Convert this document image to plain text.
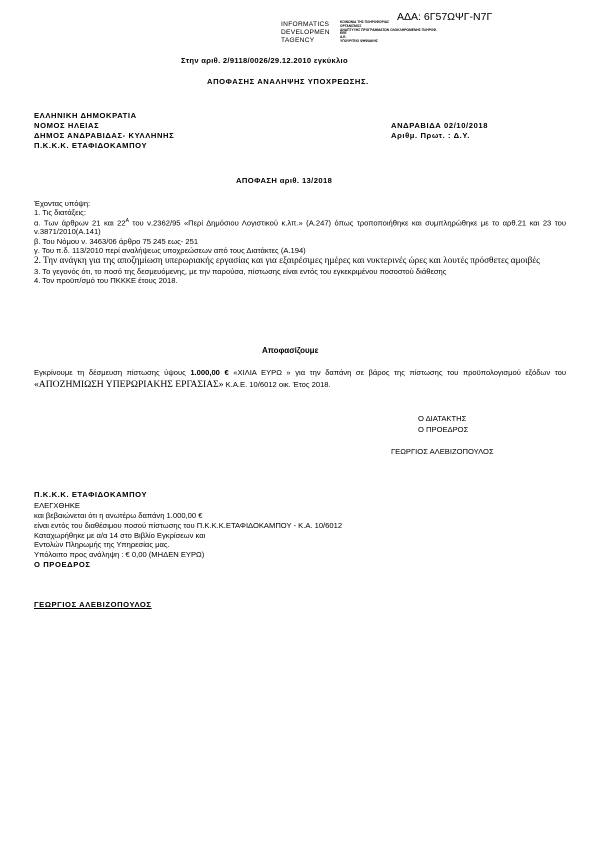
ΑΔΑ: 6Γ57ΩΨΓ-Ν7Γ
INFORMATICS
DEVELOPMEN
TAGENCY
ΚΟΙΝΩΝΙΑ ΤΗΣ ΠΛΗΡΟΦΟΡΙΑΣ
ΟΡΓΑΝΙΣΜΟΣ
ΑΝΑΠΤΥΞΗΣ ΠΡΟΓΡΑΜΜΑΤΩΝ ΟΛΟΚΛΗΡΩΜΕΝΗΣ ΠΛΗΡΟΦ.
ΕΕΕ
Α.Ε.
ΥΠΟΥΡΓΕΙΟ ΨΗΦΙΑΚΗΣ
Στην αριθ. 2/9118/0026/29.12.2010 εγκύκλιο
ΑΠΟΦΑΣΗΣ ΑΝΑΛΗΨΗΣ ΥΠΟΧΡΕΩΣΗΣ.
ΕΛΛΗΝΙΚΗ ΔΗΜΟΚΡΑΤΙΑ
ΝΟΜΟΣ ΗΛΕΙΑΣ
ΔΗΜΟΣ ΑΝΔΡΑΒΙΔΑΣ- ΚΥΛΛΗΝΗΣ
Π.Κ.Κ.Κ. ΕΤΑΦΙΔΟΚΑΜΠΟΥ
ΑΝΔΡΑΒΙΔΑ 02/10/2018
Αριθμ. Πρωτ. : Δ.Υ.
ΑΠΟΦΑΣΗ αριθ. 13/2018
Έχοντας υπόψη:
1. Τις διατάξεις:
α. Των άρθρων 21 και $22^A$ του ν.2362/95 «Περί Δημόσιου Λογιστικού κ.λπ.» (Α.247) όπως τροποποιήθηκε και συμπληρώθηκε με το αρθ.21 και 23 του ν.3871/2010(Α.141)
β. Του Νόμου ν. 3463/06 άρθρο 75 245 εως- 251
γ. Του π.δ. 113/2010 περί αναλήψεως υποχρεώσεων από τους Διατάκτες (Α.194)
2. Την ανάγκη για της αποζημίωση υπερωριακής εργασίας και για εξαιρέσιμες ημέρες και νυκτερινές ώρες και λουτές πρόσθετες αμοιβές
3. Το γεγονός ότι, το ποσό της δεσμευόμενης, με την παρούσα, πίστωσης είναι εντός του εγκεκριμένου ποσοστού διάθεσης
4. Τον προϋπ/σμό του ΠΚΚΚΕ έτους 2018.
Αποφασίζουμε
Εγκρίνουμε τη δέσμευση πίστωσης ύψους 1.000,00 € «ΧΙΛΙΑ ΕΥΡΩ » για την δαπάνη σε βάρος της πίστωσης του προϋπολογισμού εξόδων του «ΑΠΟΖΗΜΙΩΣΗ ΥΠΕΡΩΡΙΑΚΗΣ ΕΡΓΑΣΙΑΣ» Κ.Α.Ε. 10/6012 οικ. Έτος 2018.
Ο ΔΙΑΤΑΚΤΗΣ
Ο ΠΡΟΕΔΡΟΣ
ΓΕΩΡΓΙΟΣ ΑΛΕΒΙΖΟΠΟΥΛΟΣ
Π.Κ.Κ.Κ. ΕΤΑΦΙΔΟΚΑΜΠΟΥ
ΕΛΕΓΧΘΗΚΕ
και βεβαιώνεται ότι η ανωτέρω δαπάνη 1.000,00 €
είναι εντός του διαθέσιμου ποσού πίστωσης του Π.Κ.Κ.Κ.ΕΤΑΦΙΔΟΚΑΜΠΟΥ - Κ.Α. 10/6012
Καταχωρήθηκε με α/α 14 στο Βιβλίο Εγκρίσεων και
Εντολών Πληρωμής της Υπηρεσίας μας.
Υπόλοιπο προς ανάληψη : € 0,00 (ΜΗΔΕΝ ΕΥΡΩ)
Ο ΠΡΟΕΔΡΟΣ
ΓΕΩΡΓΙΟΣ ΑΛΕΒΙΖΟΠΟΥΛΟΣ
